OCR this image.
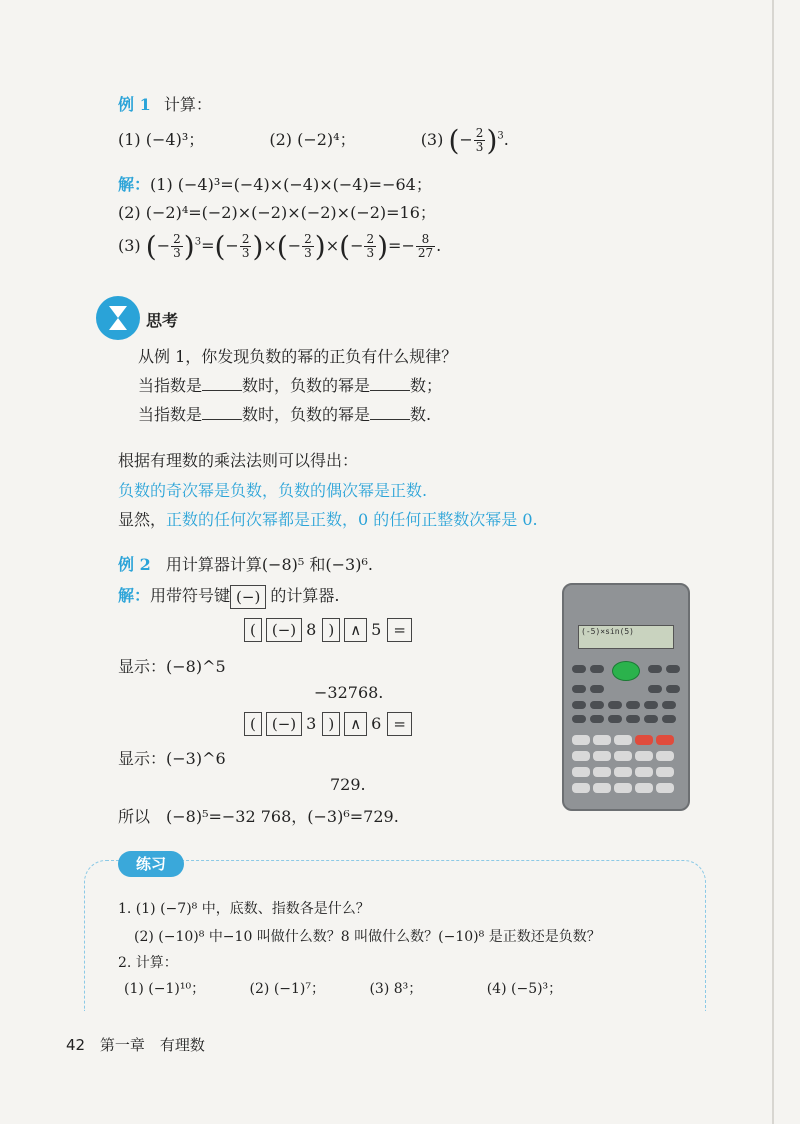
例 1 计算：
(1) (−4)³；	(2) (−2)⁴；	(3) (− $\frac{2}{3} )^3$.
解：(1) (−4)³=(−4)×(−4)×(−4)=−64；
(2) (−2)⁴=(−2)×(−2)×(−2)×(−2)=16；
(3) (− $\frac{2}{3} )^3=(- \frac{2}{3}$ )×(− $\frac{2}{3}$ )×(− $\frac{2}{3}$ )=− $\frac{8}{27}$ .
思考
从例 1，你发现负数的幂的正负有什么规律？
当指数是	数时，负数的幂是	数；
当指数是	数时，负数的幂是	数.
根据有理数的乘法法则可以得出：
负数的奇次幂是负数，负数的偶次幂是正数.
显然，正数的任何次幂都是正数，0 的任何正整数次幂是 0.
例 2 用计算器计算(−8)⁵ 和(−3)⁶.
解：用带符号键 (−) 的计算器.
( (−) 8 ) ∧ 5 =
显示：(−8)^5
−32768.
( (−) 3 ) ∧ 6 =
显示：(−3)^6
729.
所以　(−8)⁵=−32 768，(−3)⁶=729.
(-5)×sin(5)
练习
1. (1) (−7)⁸ 中，底数、指数各是什么？
(2) (−10)⁸ 中−10 叫做什么数？8 叫做什么数？(−10)⁸ 是正数还是负数？
2. 计算：
(1) (−1)¹⁰；	(2) (−1)⁷；	(3) 8³；	(4) (−5)³；
42 第一章　有理数
